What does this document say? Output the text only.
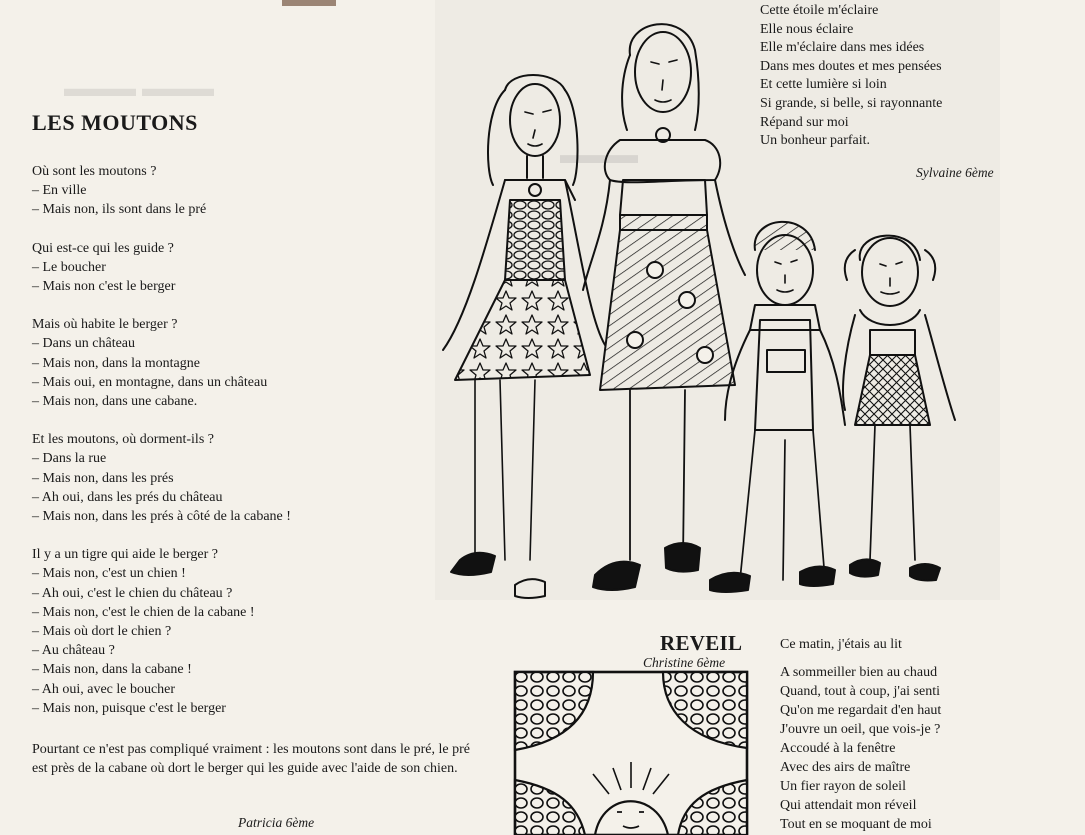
▬▬▬ ▬▬▬
▬▬▬
LES MOUTONS
Où sont les moutons ?
– En ville
– Mais non, ils sont dans le pré
Qui est-ce qui les guide ?
– Le boucher
– Mais non c'est le berger
Mais où habite le berger ?
– Dans un château
– Mais non, dans la montagne
– Mais oui, en montagne, dans un château
– Mais non, dans une cabane.
Et les moutons, où dorment-ils ?
– Dans la rue
– Mais non, dans les prés
– Ah oui, dans les prés du château
– Mais non, dans les prés à côté de la cabane !
Il y a un tigre qui aide le berger ?
– Mais non, c'est un chien !
– Ah oui, c'est le chien du château ?
– Mais non, c'est le chien de la cabane !
– Mais où dort le chien ?
– Au château ?
– Mais non, dans la cabane !
– Ah oui, avec le boucher
– Mais non, puisque c'est le berger
Pourtant ce n'est pas compliqué vraiment : les moutons sont dans le pré, le pré est près de la cabane où dort le berger qui les guide avec l'aide de son chien.
Patricia 6ème
Cette étoile m'éclaire
Elle nous éclaire
Elle m'éclaire dans mes idées
Dans mes doutes et mes pensées
Et cette lumière si loin
Si grande, si belle, si rayonnante
Répand sur moi
Un bonheur parfait.
Sylvaine 6ème
REVEIL
Christine 6ème
Ce matin, j'étais au lit
A sommeiller bien au chaud
Quand, tout à coup, j'ai senti
Qu'on me regardait d'en haut
J'ouvre un oeil, que vois-je ?
Accoudé à la fenêtre
Avec des airs de maître
Un fier rayon de soleil
Qui attendait mon réveil
Tout en se moquant de moi
